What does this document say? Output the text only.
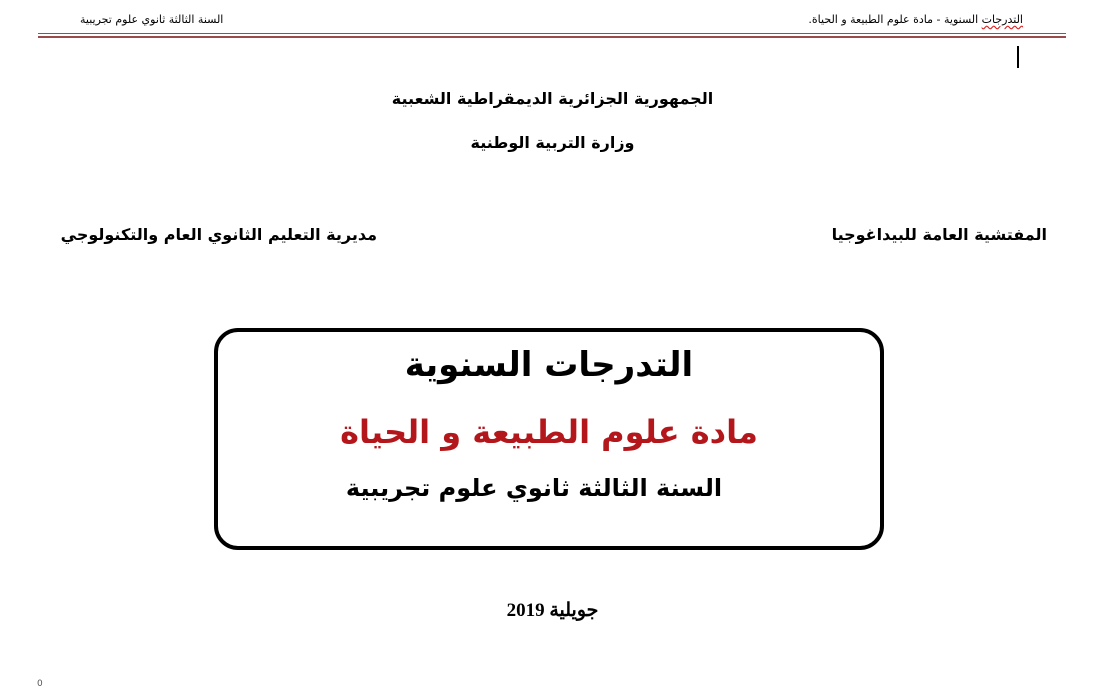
التدرجات السنوية - مادة علوم الطبيعة و الحياة.
السنة الثالثة ثانوي علوم تجريبية
الجمهورية الجزائرية الديمقراطية الشعبية
وزارة التربية الوطنية
المفتشية العامة للبيداغوجيا
مديرية التعليم الثانوي العام والتكنولوجي
التدرجات السنوية
مادة علوم الطبيعة و الحياة
السنة الثالثة ثانوي علوم تجريبية
جويلية 2019
0
